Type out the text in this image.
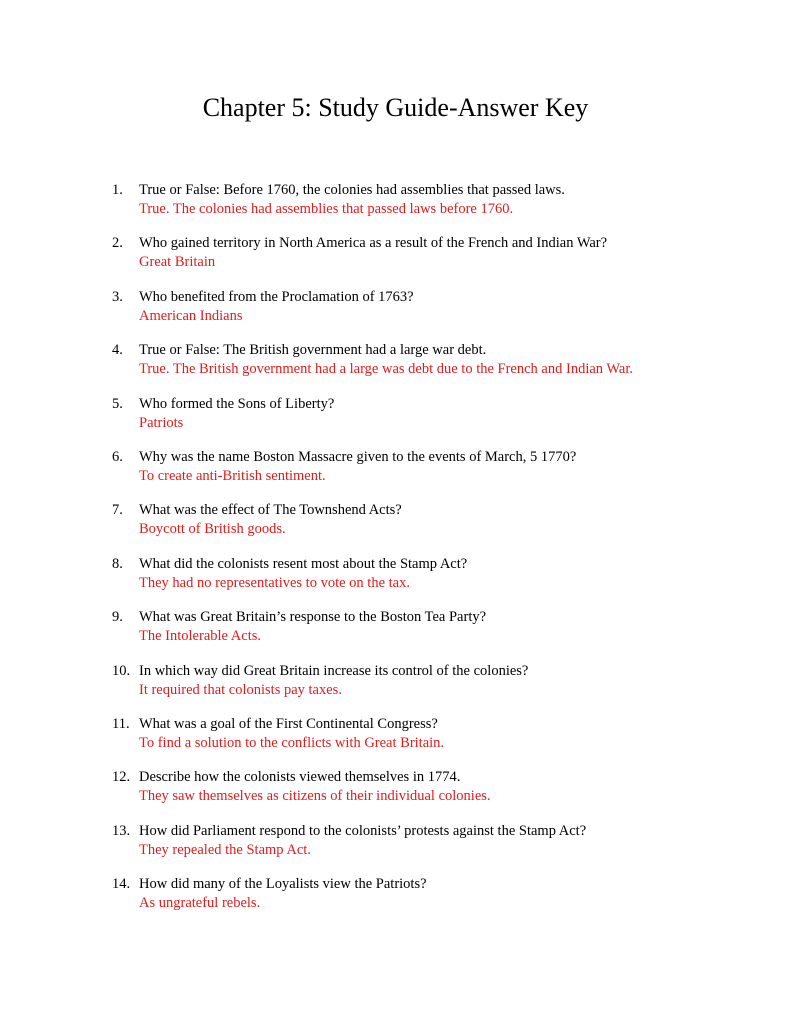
Chapter 5: Study Guide-Answer Key
1.	True or False: Before 1760, the colonies had assemblies that passed laws.
True. The colonies had assemblies that passed laws before 1760.
2.	Who gained territory in North America as a result of the French and Indian War?
Great Britain
3.	Who benefited from the Proclamation of 1763?
American Indians
4.	True or False: The British government had a large war debt.
True. The British government had a large was debt due to the French and Indian War.
5.	Who formed the Sons of Liberty?
Patriots
6.	Why was the name Boston Massacre given to the events of March, 5 1770?
To create anti-British sentiment.
7.	What was the effect of The Townshend Acts?
Boycott of British goods.
8.	What did the colonists resent most about the Stamp Act?
They had no representatives to vote on the tax.
9.	What was Great Britain’s response to the Boston Tea Party?
The Intolerable Acts.
10. In which way did Great Britain increase its control of the colonies?
It required that colonists pay taxes.
11. What was a goal of the First Continental Congress?
To find a solution to the conflicts with Great Britain.
12. Describe how the colonists viewed themselves in 1774.
They saw themselves as citizens of their individual colonies.
13. How did Parliament respond to the colonists’ protests against the Stamp Act?
They repealed the Stamp Act.
14. How did many of the Loyalists view the Patriots?
As ungrateful rebels.
